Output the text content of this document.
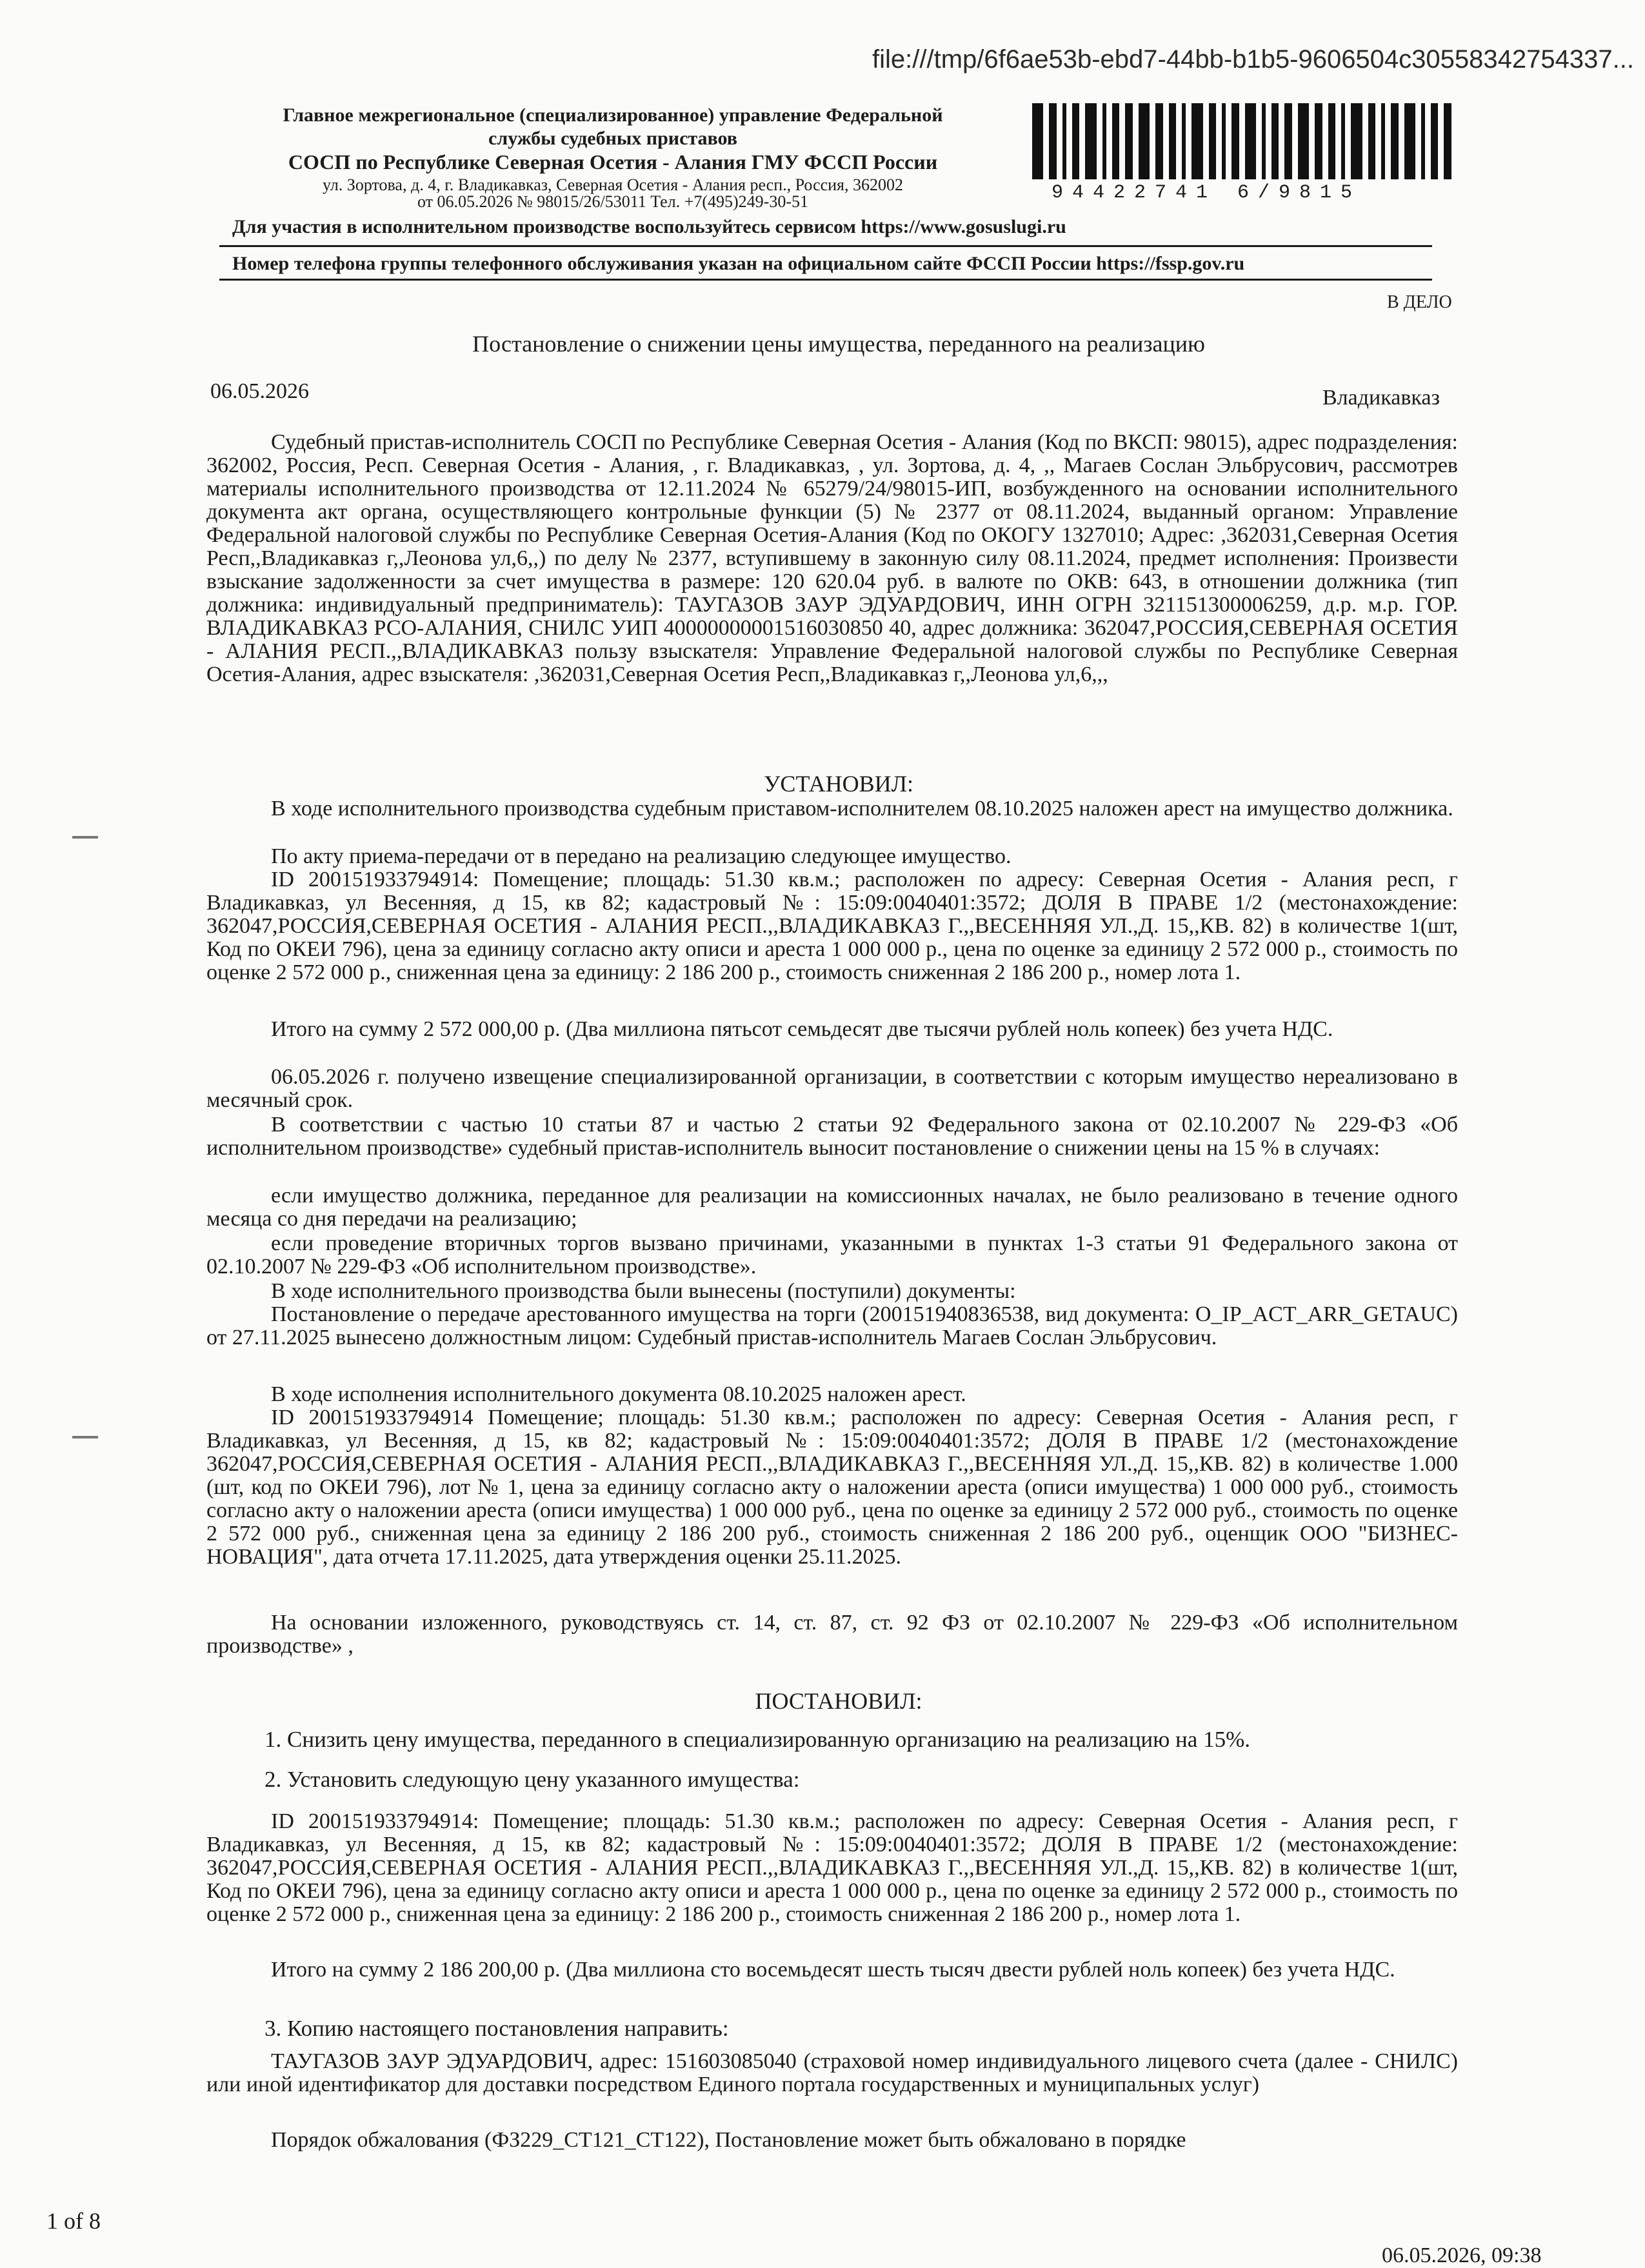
file:///tmp/6f6ae53b-ebd7-44bb-b1b5-9606504c30558342754337...
Главное межрегиональное (специализированное) управление Федеральной
службы судебных приставов
СОСП по Республике Северная Осетия - Алания ГМУ ФССП России
ул. Зортова, д. 4, г. Владикавказ, Северная Осетия - Алания респ., Россия, 362002
от 06.05.2026 № 98015/26/53011 Тел. +7(495)249-30-51	94422741 6/9815
Для участия в исполнительном производстве воспользуйтесь сервисом https://www.gosuslugi.ru
Номер телефона группы телефонного обслуживания указан на официальном сайте ФССП России https://fssp.gov.ru
В ДЕЛО
Постановление о снижении цены имущества, переданного на реализацию
06.05.2026	Владикавказ
Судебный пристав-исполнитель СОСП по Республике Северная Осетия - Алания (Код по ВКСП: 98015), адрес подразделения: 362002, Россия, Респ. Северная Осетия - Алания, , г. Владикавказ, , ул. Зортова, д. 4, ,, Магаев Сослан Эльбрусович, рассмотрев материалы исполнительного производства от 12.11.2024 № 65279/24/98015-ИП, возбужденного на основании исполнительного документа акт органа, осуществляющего контрольные функции (5) № 2377 от 08.11.2024, выданный органом: Управление Федеральной налоговой службы по Республике Северная Осетия-Алания (Код по ОКОГУ 1327010; Адрес: ,362031,Северная Осетия Респ,,Владикавказ г,,Леонова ул,6,,) по делу № 2377, вступившему в законную силу 08.11.2024, предмет исполнения: Произвести взыскание задолженности за счет имущества в размере: 120 620.04 руб. в валюте по ОКВ: 643, в отношении должника (тип должника: индивидуальный предприниматель): ТАУГАЗОВ ЗАУР ЭДУАРДОВИЧ, ИНН ОГРН 321151300006259, д.р. м.р. ГОР. ВЛАДИКАВКАЗ РСО-АЛАНИЯ, СНИЛС УИП 40000000001516030850 40, адрес должника: 362047,РОССИЯ,СЕВЕРНАЯ ОСЕТИЯ - АЛАНИЯ РЕСП.,,ВЛАДИКАВКАЗ пользу взыскателя: Управление Федеральной налоговой службы по Республике Северная Осетия-Алания, адрес взыскателя: ,362031,Северная Осетия Респ,,Владикавказ г,,Леонова ул,6,,,
УСТАНОВИЛ:
В ходе исполнительного производства судебным приставом-исполнителем 08.10.2025 наложен арест на имущество должника.
По акту приема-передачи от в передано на реализацию следующее имущество.
ID 200151933794914: Помещение; площадь: 51.30 кв.м.; расположен по адресу: Северная Осетия - Алания респ, г Владикавказ, ул Весенняя, д 15, кв 82; кадастровый №: 15:09:0040401:3572; ДОЛЯ В ПРАВЕ 1/2 (местонахождение: 362047,РОССИЯ,СЕВЕРНАЯ ОСЕТИЯ - АЛАНИЯ РЕСП.,,ВЛАДИКАВКАЗ Г.,,ВЕСЕННЯЯ УЛ.,Д. 15,,КВ. 82) в количестве 1(шт, Код по ОКЕИ 796), цена за единицу согласно акту описи и ареста 1 000 000 р., цена по оценке за единицу 2 572 000 р., стоимость по оценке 2 572 000 р., сниженная цена за единицу: 2 186 200 р., стоимость сниженная 2 186 200 р., номер лота 1.
Итого на сумму 2 572 000,00 р. (Два миллиона пятьсот семьдесят две тысячи рублей ноль копеек) без учета НДС.
06.05.2026 г. получено извещение специализированной организации, в соответствии с которым имущество нереализовано в месячный срок.
В соответствии с частью 10 статьи 87 и частью 2 статьи 92 Федерального закона от 02.10.2007 № 229-ФЗ «Об исполнительном производстве» судебный пристав-исполнитель выносит постановление о снижении цены на 15 % в случаях:
если имущество должника, переданное для реализации на комиссионных началах, не было реализовано в течение одного месяца со дня передачи на реализацию;
если проведение вторичных торгов вызвано причинами, указанными в пунктах 1-3 статьи 91 Федерального закона от 02.10.2007 № 229-ФЗ «Об исполнительном производстве».
В ходе исполнительного производства были вынесены (поступили) документы:
Постановление о передаче арестованного имущества на торги (200151940836538, вид документа: O_IP_ACT_ARR_GETAUC) от 27.11.2025 вынесено должностным лицом: Судебный пристав-исполнитель Магаев Сослан Эльбрусович.
В ходе исполнения исполнительного документа 08.10.2025 наложен арест.
ID 200151933794914 Помещение; площадь: 51.30 кв.м.; расположен по адресу: Северная Осетия - Алания респ, г Владикавказ, ул Весенняя, д 15, кв 82; кадастровый №: 15:09:0040401:3572; ДОЛЯ В ПРАВЕ 1/2 (местонахождение 362047,РОССИЯ,СЕВЕРНАЯ ОСЕТИЯ - АЛАНИЯ РЕСП.,,ВЛАДИКАВКАЗ Г.,,ВЕСЕННЯЯ УЛ.,Д. 15,,КВ. 82) в количестве 1.000 (шт, код по ОКЕИ 796), лот № 1, цена за единицу согласно акту о наложении ареста (описи имущества) 1 000 000 руб., стоимость согласно акту о наложении ареста (описи имущества) 1 000 000 руб., цена по оценке за единицу 2 572 000 руб., стоимость по оценке 2 572 000 руб., сниженная цена за единицу 2 186 200 руб., стоимость сниженная 2 186 200 руб., оценщик ООО "БИЗНЕС-НОВАЦИЯ", дата отчета 17.11.2025, дата утверждения оценки 25.11.2025.
На основании изложенного, руководствуясь ст. 14, ст. 87, ст. 92 ФЗ от 02.10.2007 № 229-ФЗ «Об исполнительном производстве» ,
ПОСТАНОВИЛ:
1. Снизить цену имущества, переданного в специализированную организацию на реализацию на 15%.
2. Установить следующую цену указанного имущества:
ID 200151933794914: Помещение; площадь: 51.30 кв.м.; расположен по адресу: Северная Осетия - Алания респ, г Владикавказ, ул Весенняя, д 15, кв 82; кадастровый №: 15:09:0040401:3572; ДОЛЯ В ПРАВЕ 1/2 (местонахождение: 362047,РОССИЯ,СЕВЕРНАЯ ОСЕТИЯ - АЛАНИЯ РЕСП.,,ВЛАДИКАВКАЗ Г.,,ВЕСЕННЯЯ УЛ.,Д. 15,,КВ. 82) в количестве 1(шт, Код по ОКЕИ 796), цена за единицу согласно акту описи и ареста 1 000 000 р., цена по оценке за единицу 2 572 000 р., стоимость по оценке 2 572 000 р., сниженная цена за единицу: 2 186 200 р., стоимость сниженная 2 186 200 р., номер лота 1.
Итого на сумму 2 186 200,00 р. (Два миллиона сто восемьдесят шесть тысяч двести рублей ноль копеек) без учета НДС.
3. Копию настоящего постановления направить:
ТАУГАЗОВ ЗАУР ЭДУАРДОВИЧ, адрес: 151603085040 (страховой номер индивидуального лицевого счета (далее - СНИЛС) или иной идентификатор для доставки посредством Единого портала государственных и муниципальных услуг)
Порядок обжалования (ФЗ229_СТ121_СТ122), Постановление может быть обжаловано в порядке
1 of 8
06.05.2026, 09:38
